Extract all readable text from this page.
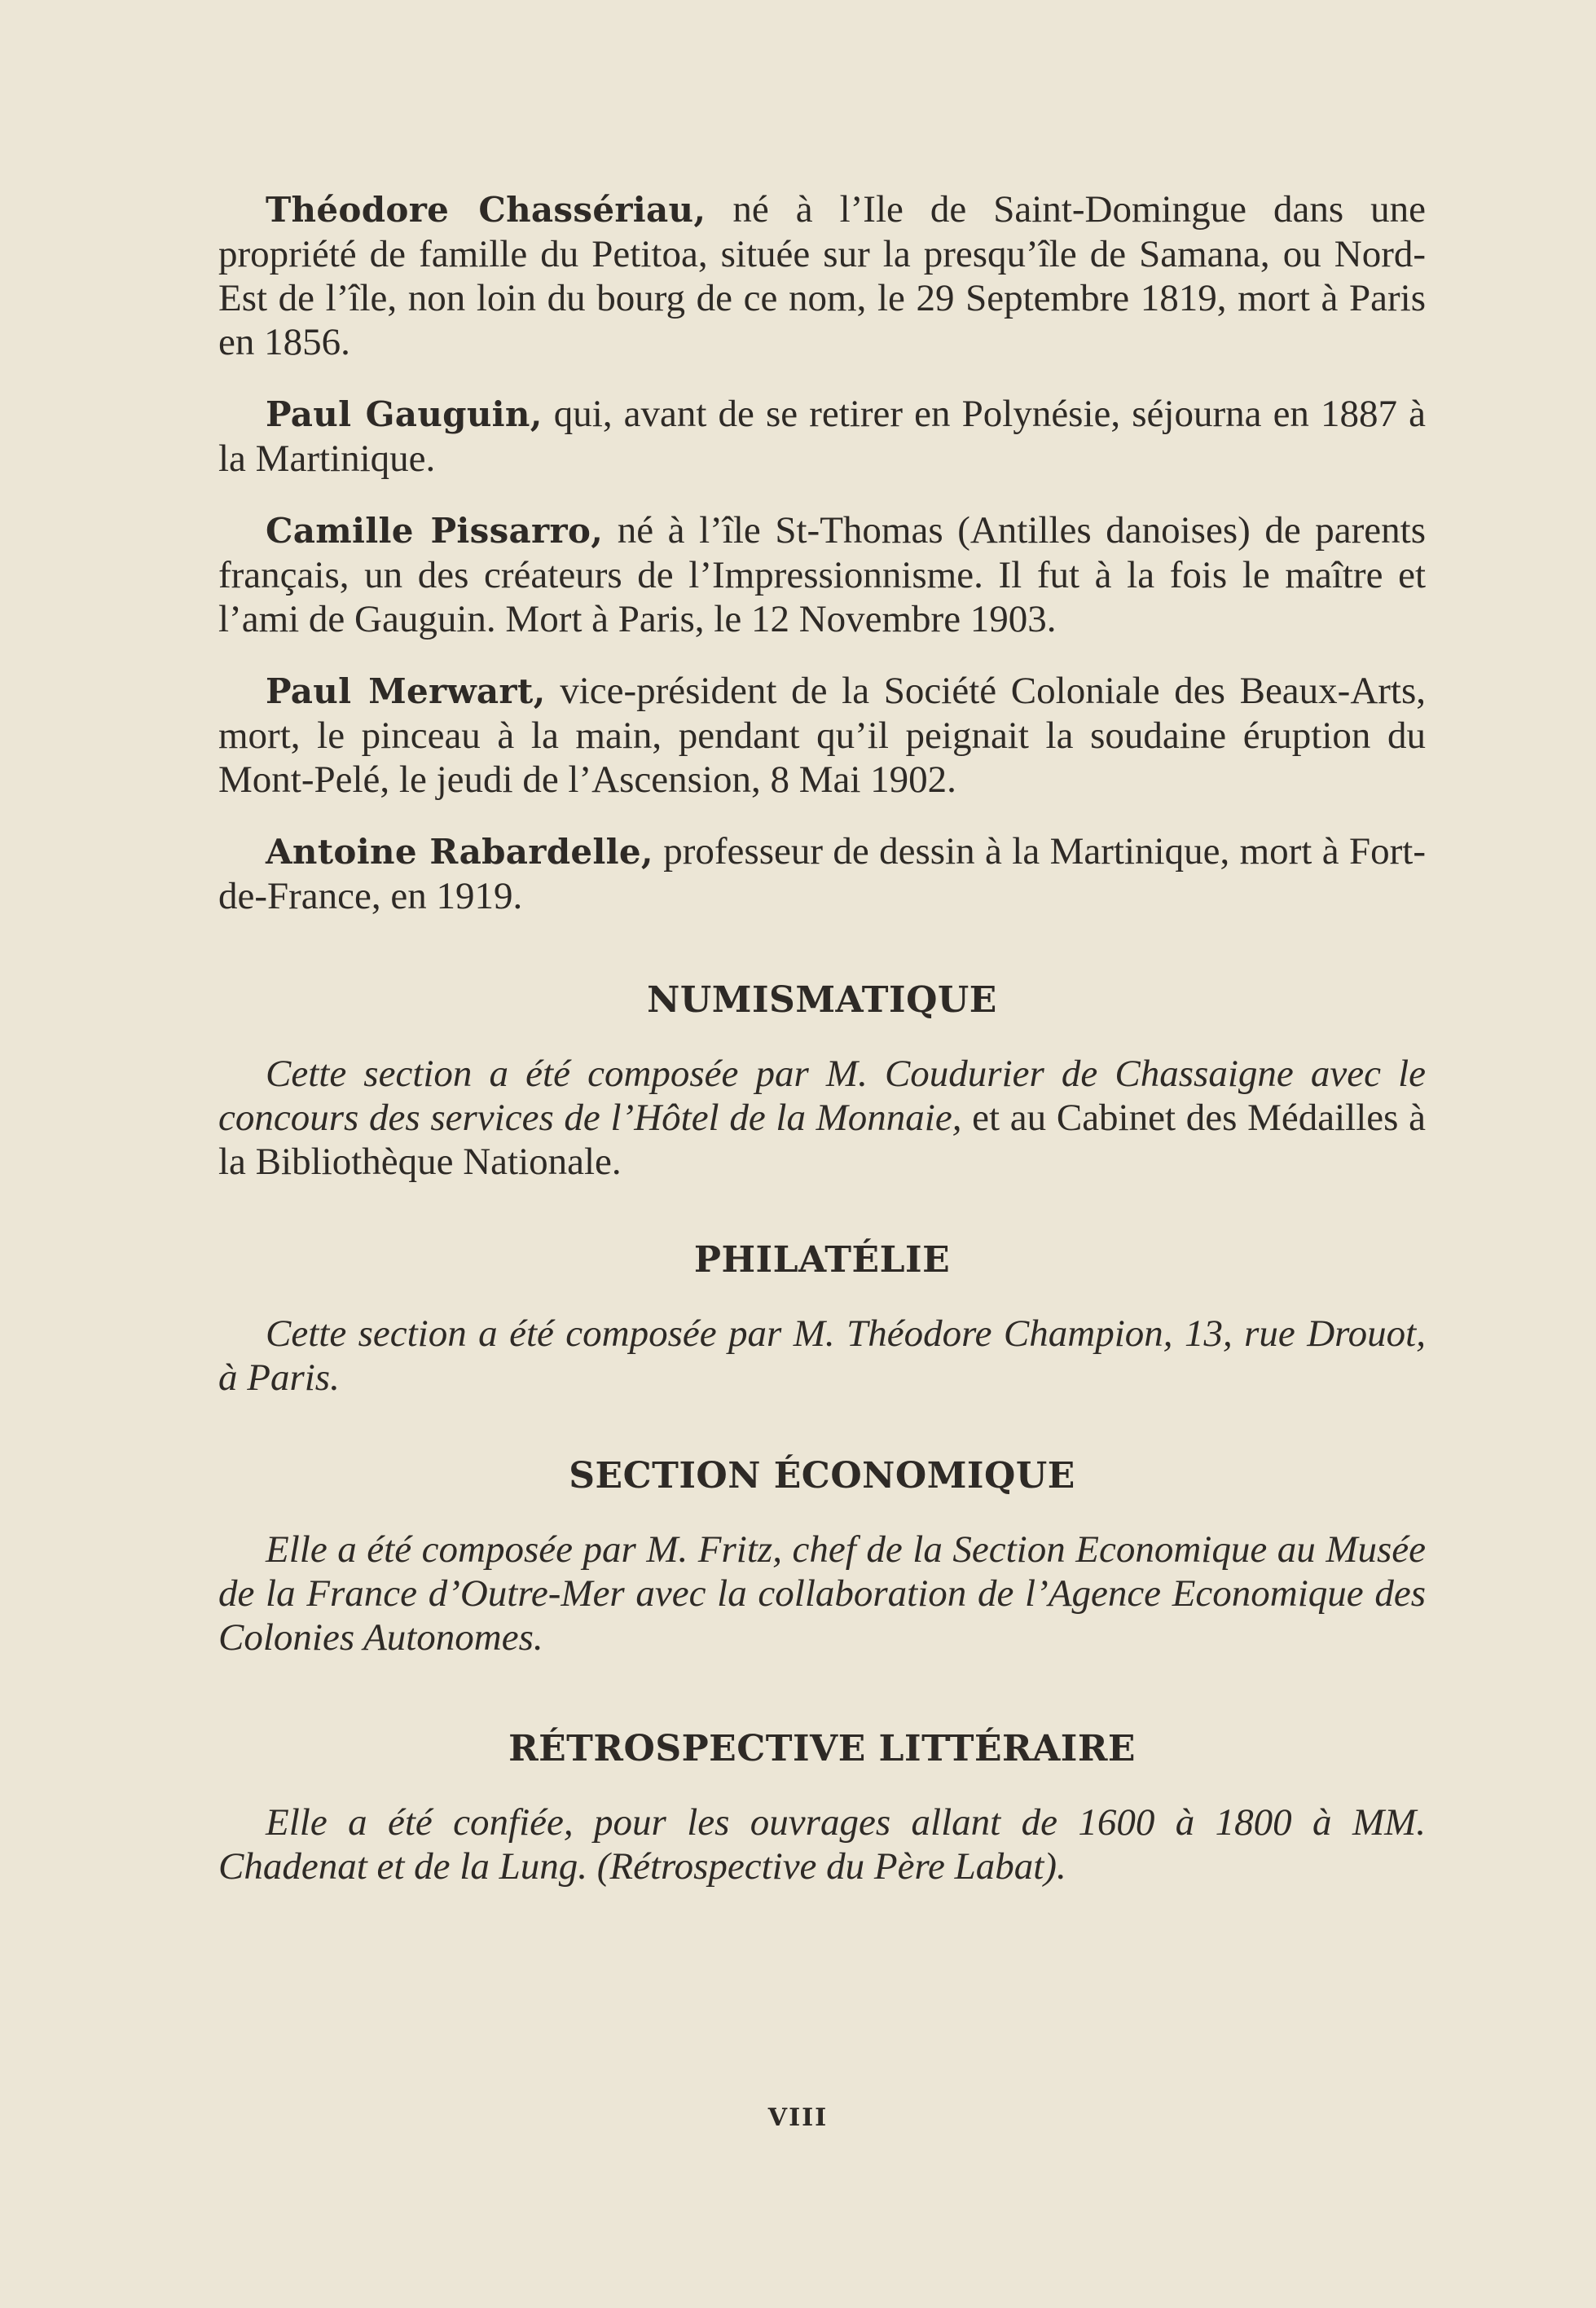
Théodore Chassériau, né à l’Ile de Saint-Domingue dans une propriété de famille du Petitoa, située sur la presqu’île de Samana, ou Nord-Est de l’île, non loin du bourg de ce nom, le 29 Septembre 1819, mort à Paris en 1856.

Paul Gauguin, qui, avant de se retirer en Polynésie, séjourna en 1887 à la Martinique.

Camille Pissarro, né à l’île St-Thomas (Antilles danoises) de parents français, un des créateurs de l’Impressionnisme. Il fut à la fois le maître et l’ami de Gauguin. Mort à Paris, le 12 Novembre 1903.

Paul Merwart, vice-président de la Société Coloniale des Beaux-Arts, mort, le pinceau à la main, pendant qu’il peignait la soudaine éruption du Mont-Pelé, le jeudi de l’Ascension, 8 Mai 1902.

Antoine Rabardelle, professeur de dessin à la Martinique, mort à Fort-de-France, en 1919.

NUMISMATIQUE

Cette section a été composée par M. Coudurier de Chassaigne avec le concours des services de l’Hôtel de la Monnaie, et au Cabinet des Médailles à la Bibliothèque Nationale.

PHILATÉLIE

Cette section a été composée par M. Théodore Champion, 13, rue Drouot, à Paris.

SECTION ÉCONOMIQUE

Elle a été composée par M. Fritz, chef de la Section Economique au Musée de la France d’Outre-Mer avec la collaboration de l’Agence Economique des Colonies Autonomes.

RÉTROSPECTIVE LITTÉRAIRE

Elle a été confiée, pour les ouvrages allant de 1600 à 1800 à MM. Chadenat et de la Lung. (Rétrospective du Père Labat).

VIII
